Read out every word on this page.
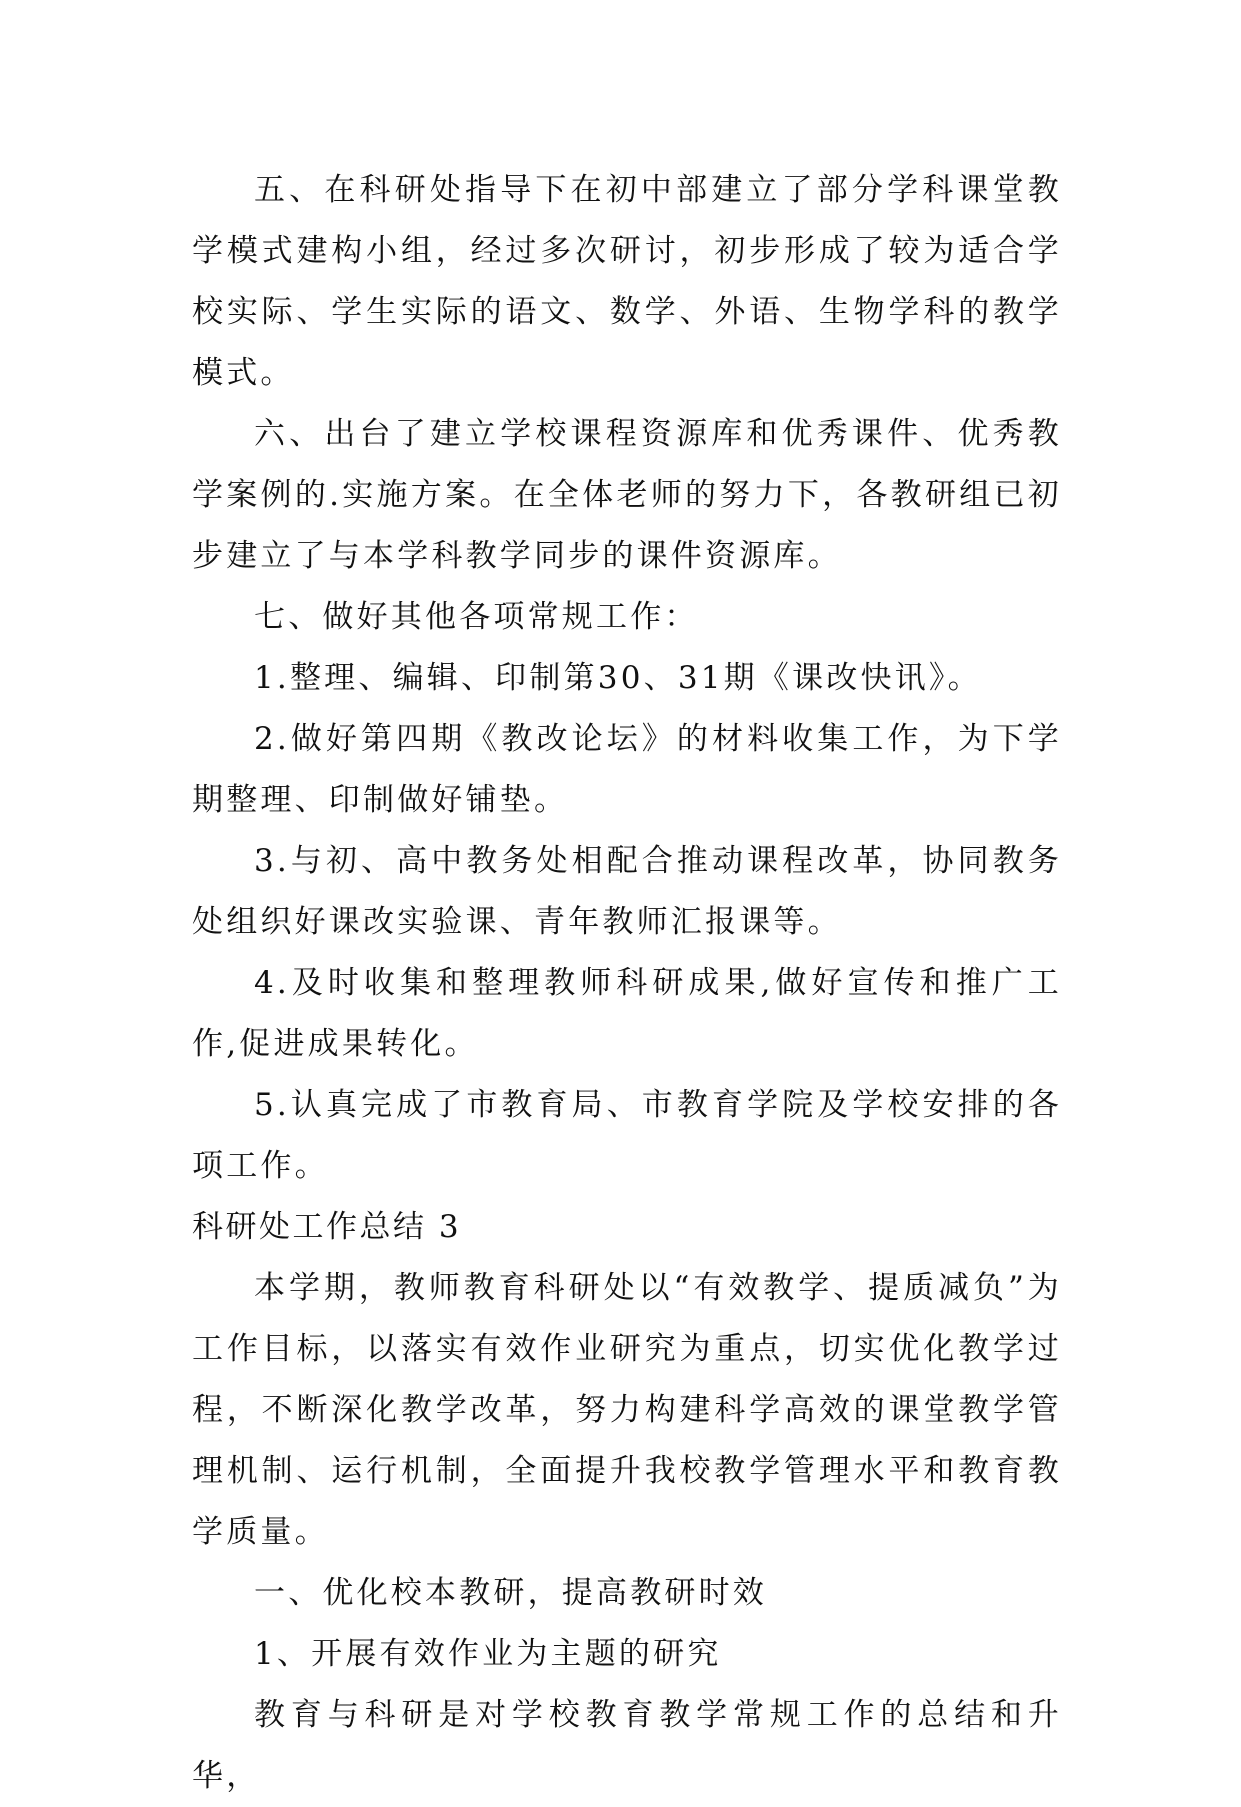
五、在科研处指导下在初中部建立了部分学科课堂教学模式建构小组，经过多次研讨，初步形成了较为适合学校实际、学生实际的语文、数学、外语、生物学科的教学模式。

六、出台了建立学校课程资源库和优秀课件、优秀教学案例的.实施方案。在全体老师的努力下，各教研组已初步建立了与本学科教学同步的课件资源库。

七、做好其他各项常规工作：

1.整理、编辑、印制第30、31期《课改快讯》。

2.做好第四期《教改论坛》的材料收集工作，为下学期整理、印制做好铺垫。

3.与初、高中教务处相配合推动课程改革，协同教务处组织好课改实验课、青年教师汇报课等。

4.及时收集和整理教师科研成果,做好宣传和推广工作,促进成果转化。

5.认真完成了市教育局、市教育学院及学校安排的各项工作。

科研处工作总结 3

本学期，教师教育科研处以“有效教学、提质减负”为工作目标，以落实有效作业研究为重点，切实优化教学过程，不断深化教学改革，努力构建科学高效的课堂教学管理机制、运行机制，全面提升我校教学管理水平和教育教学质量。

一、优化校本教研，提高教研时效

1、开展有效作业为主题的研究

教育与科研是对学校教育教学常规工作的总结和升华，
